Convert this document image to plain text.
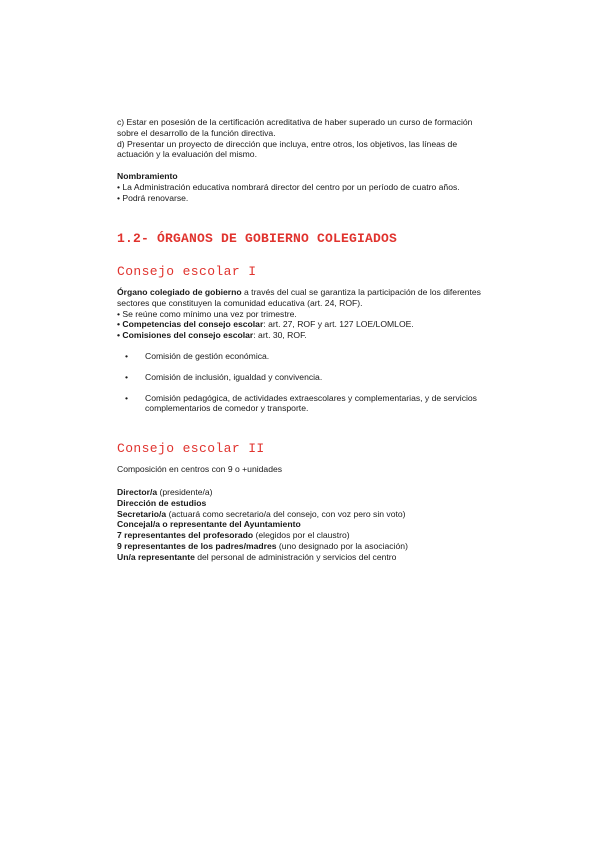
c) Estar en posesión de la certificación acreditativa de haber superado un curso de formación sobre el desarrollo de la función directiva.

d) Presentar un proyecto de dirección que incluya, entre otros, los objetivos, las líneas de actuación y la evaluación del mismo.

Nombramiento

• La Administración educativa nombrará director del centro por un período de cuatro años.

• Podrá renovarse.

1.2- ÓRGANOS DE GOBIERNO COLEGIADOS

Consejo escolar I

Órgano colegiado de gobierno a través del cual se garantiza la participación de los diferentes sectores que constituyen la comunidad educativa (art. 24, ROF).

• Se reúne como mínimo una vez por trimestre.

• Competencias del consejo escolar: art. 27, ROF y art. 127 LOE/LOMLOE.

• Comisiones del consejo escolar: art. 30, ROF.

•	Comisión de gestión económica.
•	Comisión de inclusión, igualdad y convivencia.
•	Comisión pedagógica, de actividades extraescolares y complementarias, y de servicios complementarios de comedor y transporte.

Consejo escolar II

Composición en centros con 9 o +unidades

Director/a (presidente/a)

Dirección de estudios

Secretario/a (actuará como secretario/a del consejo, con voz pero sin voto)

Concejal/a o representante del Ayuntamiento

7 representantes del profesorado (elegidos por el claustro)

9 representantes de los padres/madres (uno designado por la asociación)

Un/a representante del personal de administración y servicios del centro
